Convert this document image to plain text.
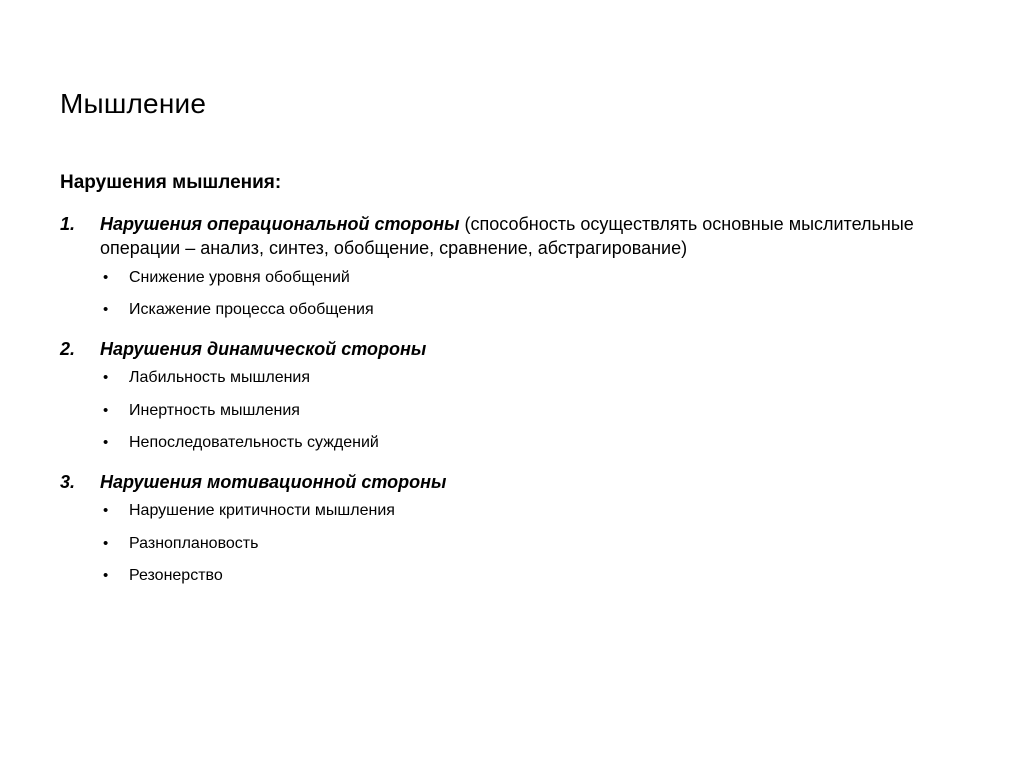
Мышление
Нарушения мышления:
1.	Нарушения операциональной стороны (способность осуществлять основные мыслительные операции – анализ, синтез, обобщение, сравнение, абстрагирование)
•	Снижение уровня обобщений
•	Искажение процесса обобщения
2.	Нарушения динамической стороны
•	Лабильность мышления
•	Инертность мышления
•	Непоследовательность суждений
3.	Нарушения мотивационной стороны
•	Нарушение критичности мышления
•	Разноплановость
•	Резонерство
